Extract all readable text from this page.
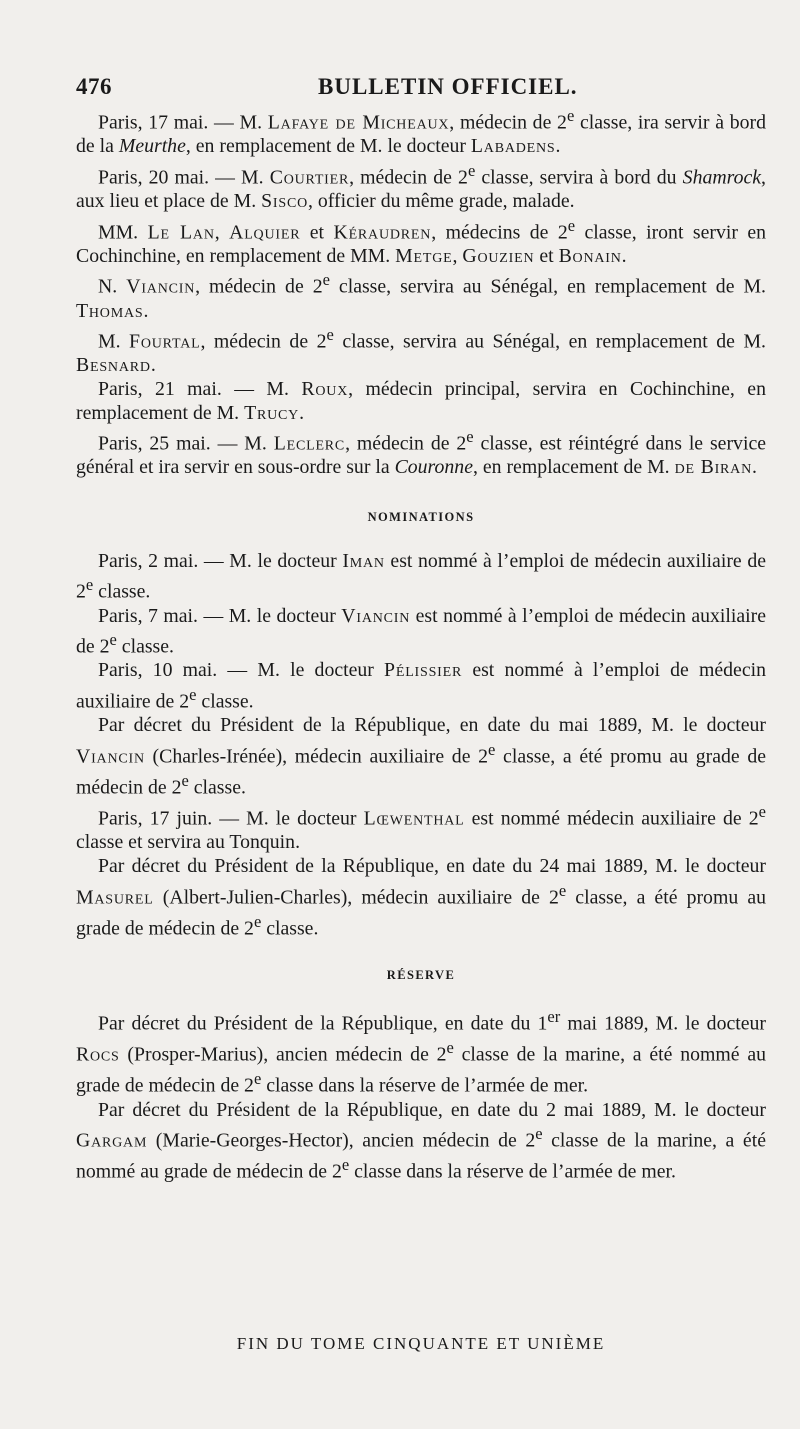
476	BULLETIN OFFICIEL.

Paris, 17 mai. — M. Lafaye de Micheaux, médecin de 2e classe, ira servir à bord de la Meurthe, en remplacement de M. le docteur Labadens.

Paris, 20 mai. — M. Courtier, médecin de 2e classe, servira à bord du Shamrock, aux lieu et place de M. Sisco, officier du même grade, malade.

MM. Le Lan, Alquier et Kéraudren, médecins de 2e classe, iront servir en Cochinchine, en remplacement de MM. Metge, Gouzien et Bonain.

N. Viancin, médecin de 2e classe, servira au Sénégal, en remplacement de M. Thomas.

M. Fourtal, médecin de 2e classe, servira au Sénégal, en remplacement de M. Besnard.

Paris, 21 mai. — M. Roux, médecin principal, servira en Cochinchine, en remplacement de M. Trucy.

Paris, 25 mai. — M. Leclerc, médecin de 2e classe, est réintégré dans le service général et ira servir en sous-ordre sur la Couronne, en remplacement de M. de Biran.

NOMINATIONS

Paris, 2 mai. — M. le docteur Iman est nommé à l’emploi de médecin auxiliaire de 2e classe.

Paris, 7 mai. — M. le docteur Viancin est nommé à l’emploi de médecin auxiliaire de 2e classe.

Paris, 10 mai. — M. le docteur Pélissier est nommé à l’emploi de médecin auxiliaire de 2e classe.

Par décret du Président de la République, en date du mai 1889, M. le docteur Viancin (Charles-Irénée), médecin auxiliaire de 2e classe, a été promu au grade de médecin de 2e classe.

Paris, 17 juin. — M. le docteur Lœwenthal est nommé médecin auxiliaire de 2e classe et servira au Tonquin.

Par décret du Président de la République, en date du 24 mai 1889, M. le docteur Masurel (Albert-Julien-Charles), médecin auxiliaire de 2e classe, a été promu au grade de médecin de 2e classe.

RÉSERVE

Par décret du Président de la République, en date du 1er mai 1889, M. le docteur Rocs (Prosper-Marius), ancien médecin de 2e classe de la marine, a été nommé au grade de médecin de 2e classe dans la réserve de l’armée de mer.

Par décret du Président de la République, en date du 2 mai 1889, M. le docteur Gargam (Marie-Georges-Hector), ancien médecin de 2e classe de la marine, a été nommé au grade de médecin de 2e classe dans la réserve de l’armée de mer.

FIN DU TOME CINQUANTE ET UNIÈME
